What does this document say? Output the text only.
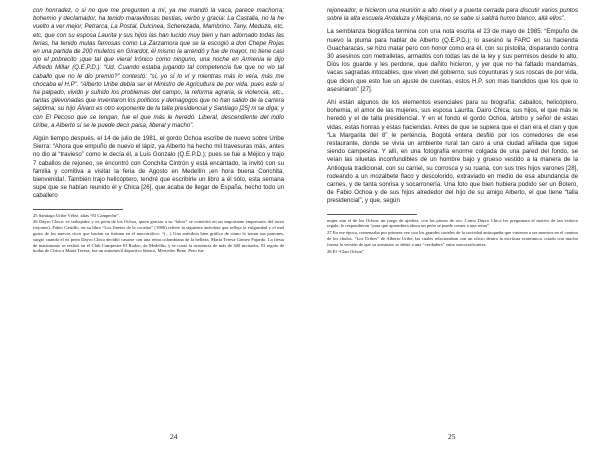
con honradez, o si no que me pregunten a mí, ya me mandó la vaca, parece machorra; bohemio y declamador, ha tenido maravillosas bestias, verbo y gracia: La Castalia, no la he vuelto a ver mejor, Petrarca, La Postal, Dulcinea, Scherezada, Mambrino, Tany, Meduza, etc, etc, que con su esposa Laurita y sus hijos las han lucido muy bien y han adornado todas las ferias, ha tenido mulas famosas como La Zarzamora que se la escogió a don Chepe Rojas en una partida de 200 muletos en Girardot, él mismo la arrendó y fue de mayor, no tiene casi ojo el pobrecito ¡que tal que viera! Irónico como ninguno, una noche en Armenia le dijo Alfredo Millar (Q.E.P.D.): “Ud. Cuando estaba jugando tal competencia fue que no vio tal caballo que no le dio premio?” contestó: “sí, yo sí lo ví y mientras más lo veía, más me chocaba el H.P”. “Alberto Uribe debía ser el Ministro de Agricultura de por vida, pues este sí ha palpado, vivido y sufrido los problemas del campo, la reforma agraria, la violencia, etc., tantas gilevonadas que inventaron los políticos y demagogos que no han salido de la carrera séptima; su hijo Álvaro es otro exponente de la talla presidencial y Santiago [25] ni se diga; y con El Pecoso que se tengan, fue el que más le heredó. Liberal, descendiente del indio Uribe, a Alberto sí se le puede decir paisa, liberal y macho”.

Algún tiempo después, el 14 de julio de 1981, el gordo Ochoa escribe de nuevo sobre Uribe Sierra: “Ahora que empuño de nuevo el lápiz, ya Alberto ha hecho mil travesuras más, antes no dio al “travieso” como le decía él, a Luis Gonzalo (Q.E.P.D.); pues se fue a Méjico y trajo 7 caballos de rejoneo, se encontró con Conchita Cintrón y está encantado, la invitó con su familia y comitiva a visitar la feria de Agosto en Medellín ¡en hora buena Conchita, bienvenida!. También trajo helicóptero, tendré que escribirle un libro a él sólo, esta semana supe que se habían reunido él y Chica [26], que acaba de llegar de España, hecho todo un caballero

25 Santiago Uribe Vélez, alias “El Campeche”.

26 Dayro Chica: ex trabajador y ex peón de los Ochoa, quien gracias a su “labor” se convirtió en un importante empresario del toreo (rejoneo). Fabio Castillo, en su libro “Los Jinetes de la cocaína” (1986) refiere la siguiente anécdota que refleja la vulgaridad y el mal gusto de los nuevos ricos que hacían su fortuna en el narcotráfico: “(…) Una anécdota bien gráfica de cómo lo tratan sus patrones, surgió cuando el ex peón Dayro Chica decidió casarse con una reina colombiana de la belleza, María Teresa Gómez Fajardo. La fiesta de matrimonio se realizó en el Club Campestre El Rodeo, de Medellín, y se contó la asistencia de más de 300 invitados. El regalo de bodas de Chica a María Teresa, fue un automóvil deportivo blanco, Mercedes Benz. Pero fue

24

rejoneador, e hicieron una reunión a alto nivel y a puerta cerrada para discutir varios puntos sobre la alta escuela Andaluza y Mejicana, no se sabe si saldrá humo blanco, allá ellos”.

La semblanza biográfica termina con una nota escrita el 23 de mayo de 1985: “Empuño de nuevo la pluma para hablar de Alberto (Q.E.P.D.); lo asesinó la FARC en su hacienda Guacharacas, se hizo matar pero con honor como era él, con su pistolita, disparando contra 30 asesinos con metralletas, armados con todas las de la ley y sus permisos desde lo alto, Dios los guarde y les perdone, que dañito hicieron, y yer que no ha faltado mandamás, vacas sagradas intocables, que viven del gobierno, sus coyunturas y sus roscas de por vida, que dicen que esto fue un ajuste de cuentas, estos H.P. son mas bandidos que los que lo asesinaron” [27].

Ahí están algunos de los elementos esenciales para su biografía: caballos, helicóptero, bohemia, el amor de las mujeres, sus esposa Laurita, Dairo Chica, sus hijos, el que más le heredó y el de talla presidencial. Y en el fondo el gordo Ochoa, árbitro y señor de estas vidas, estas honras y estas haciendas. Antes de que se supiera que el clan era el clan y que “La Margarita del 8” le pertencía, Bogotá entera desfiló por los comedores de ese restaurante, donde se vivía un ambiente rural tan caro a una ciudad añilada que sigue siendo campesina. Y allí, en una fotografía enorme colgada de una pared del fondo, se veían las siluetas inconfundibles de un hombre bajo y grueso vestido a la manera de la Antioquia tradicional, con su carriel, su corrosca y su ruana, con sus tres hijos varones [28], rodeando a un mozalbete flaco y descolorido, extraviado en medio de esa abundancia de carnes, y de tanta sonrisa y socarronería. Una foto que bien hubiera podido ser un Botero, de Fabio Ochoa y de sus hijos alrededor del hijo de su amigo Alberto, el que tiene “talla presidencial”, y que, según

mujer aún el de los Ochoa: un juego de ajedrez, con las piezas de oro. Como Dayro Chica les preguntara el motivo de tan exótico regalo, le respondieron “para que aprendiera ahora un peón se puede comer a una reina”.

27 En ese época, comenzaba por primera vez con los grandes carteles de la sociedad antioqueña que vinieron a ser muertos en el camino de los chulos. “Los Uribes” de Alberto Uribe, las cuales relacionaban con un oficio dentro la escritura económica, criado con mucho fuerza la versión de que su asesinato se debió a una “verdadera” entre narcotraficantes.

28 El “Clan Ochoa”

25
